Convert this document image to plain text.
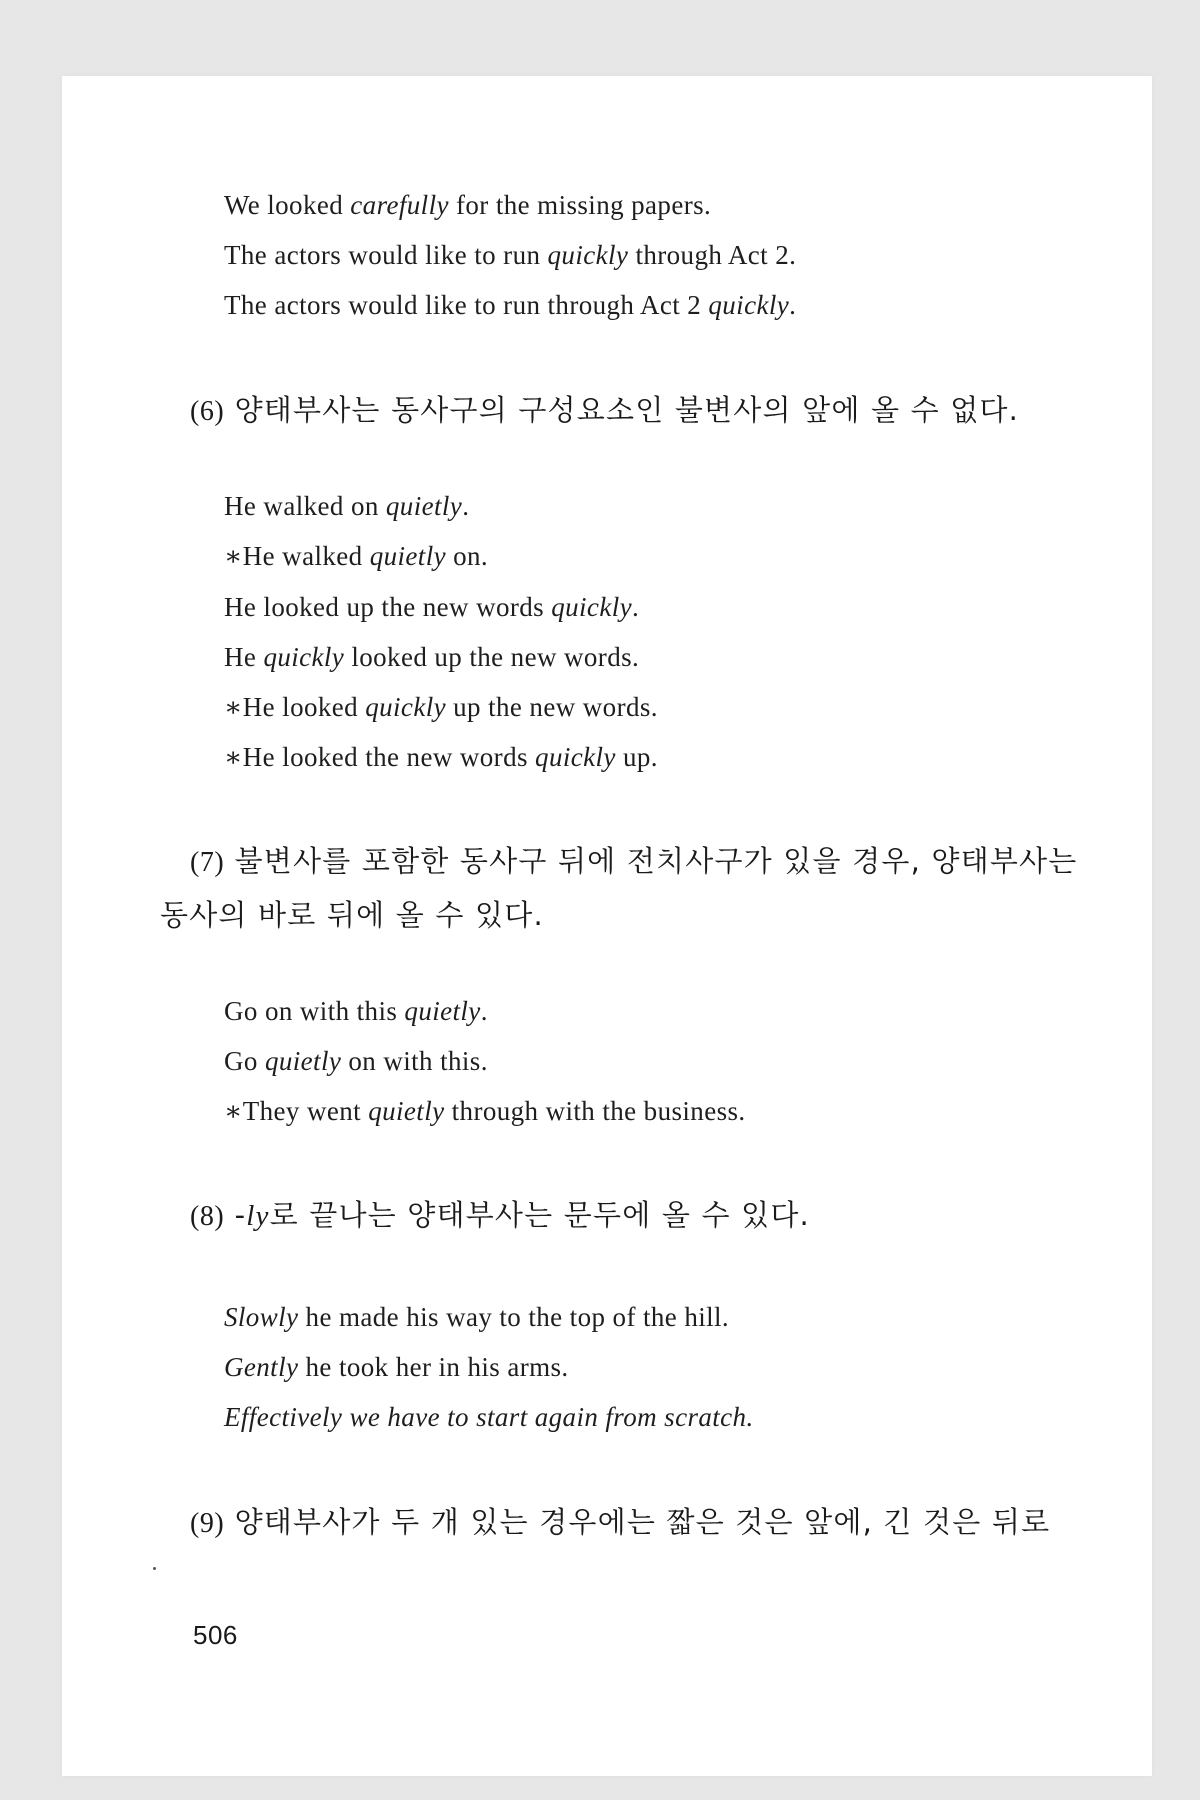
We looked carefully for the missing papers.
The actors would like to run quickly through Act 2.
The actors would like to run through Act 2 quickly.
(6) 양태부사는 동사구의 구성요소인 불변사의 앞에 올 수 없다.
He walked on quietly.
∗He walked quietly on.
He looked up the new words quickly.
He quickly looked up the new words.
∗He looked quickly up the new words.
∗He looked the new words quickly up.
(7) 불변사를 포함한 동사구 뒤에 전치사구가 있을 경우, 양태부사는
동사의 바로 뒤에 올 수 있다.
Go on with this quietly.
Go quietly on with this.
∗They went quietly through with the business.
(8) -ly로 끝나는 양태부사는 문두에 올 수 있다.
Slowly he made his way to the top of the hill.
Gently he took her in his arms.
Effectively we have to start again from scratch.
(9) 양태부사가 두 개 있는 경우에는 짧은 것은 앞에, 긴 것은 뒤로
506
